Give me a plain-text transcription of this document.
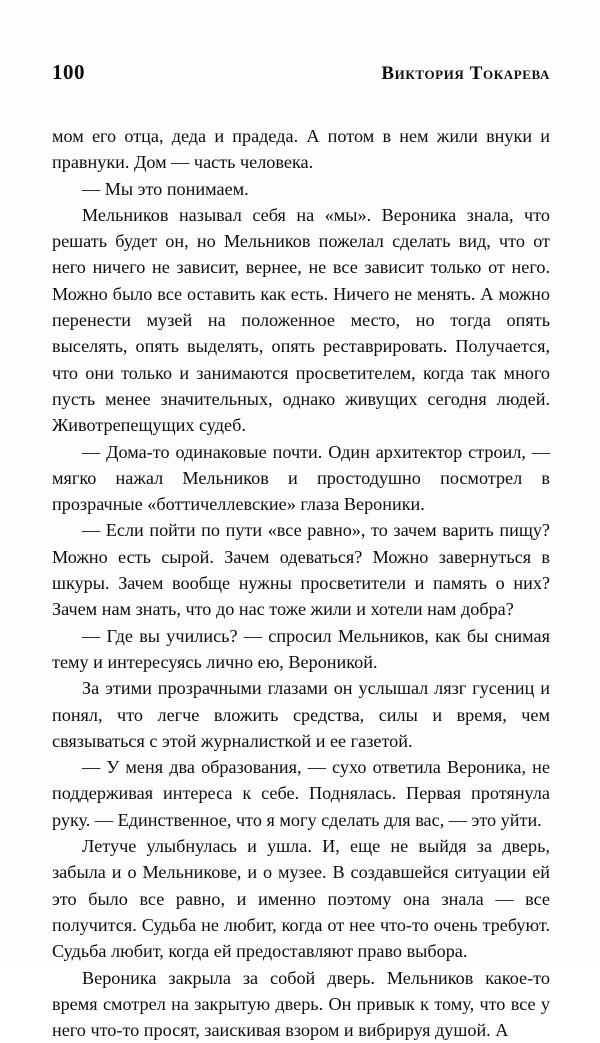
100	Виктория Токарева

мом его отца, деда и прадеда. А потом в нем жили внуки и правнуки. Дом — часть человека.

— Мы это понимаем.

Мельников называл себя на «мы». Вероника знала, что решать будет он, но Мельников пожелал сделать вид, что от него ничего не зависит, вернее, не все зависит только от него. Можно было все оставить как есть. Ничего не менять. А можно перенести музей на положенное место, но тогда опять выселять, опять выделять, опять реставрировать. Получается, что они только и занимаются просветителем, когда так много пусть менее значительных, однако живущих сегодня людей. Животрепещущих судеб.

— Дома-то одинаковые почти. Один архитектор строил, — мягко нажал Мельников и простодушно посмотрел в прозрачные «боттичеллевские» глаза Вероники.

— Если пойти по пути «все равно», то зачем варить пищу? Можно есть сырой. Зачем одеваться? Можно завернуться в шкуры. Зачем вообще нужны просветители и память о них? Зачем нам знать, что до нас тоже жили и хотели нам добра?

— Где вы учились? — спросил Мельников, как бы снимая тему и интересуясь лично ею, Вероникой.

За этими прозрачными глазами он услышал лязг гусениц и понял, что легче вложить средства, силы и время, чем связываться с этой журналисткой и ее газетой.

— У меня два образования, — сухо ответила Вероника, не поддерживая интереса к себе. Поднялась. Первая протянула руку. — Единственное, что я могу сделать для вас, — это уйти.

Летуче улыбнулась и ушла. И, еще не выйдя за дверь, забыла и о Мельникове, и о музее. В создавшейся ситуации ей это было все равно, и именно поэтому она знала — все получится. Судьба не любит, когда от нее что-то очень требуют. Судьба любит, когда ей предоставляют право выбора.

Вероника закрыла за собой дверь. Мельников какое-то время смотрел на закрытую дверь. Он привык к тому, что все у него что-то просят, заискивая взором и вибрируя душой. А
